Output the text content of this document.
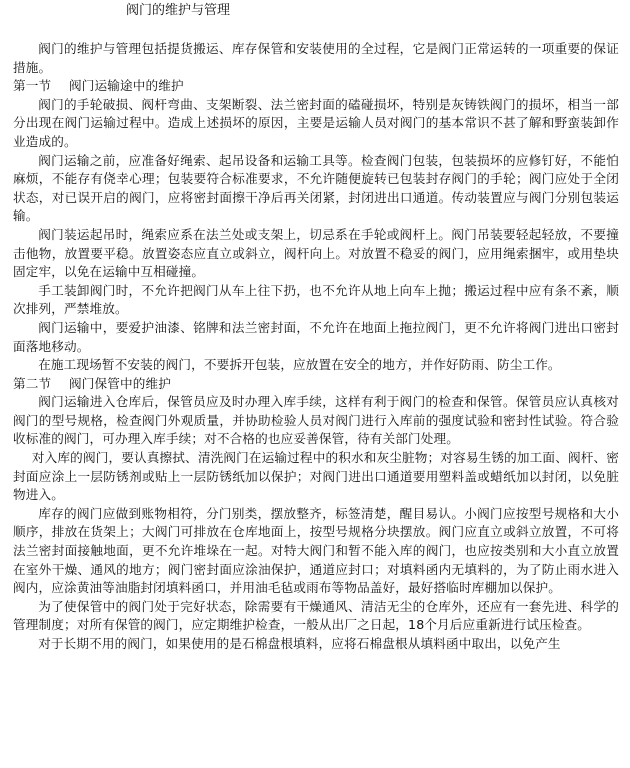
阀门的维护与管理

阀门的维护与管理包括提货搬运、库存保管和安装使用的全过程，它是阀门正常运转的一项重要的保证措施。

第一节 阀门运输途中的维护

阀门的手轮破损、阀杆弯曲、支架断裂、法兰密封面的磕碰损坏，特别是灰铸铁阀门的损坏，相当一部分出现在阀门运输过程中。造成上述损坏的原因，主要是运输人员对阀门的基本常识不甚了解和野蛮装卸作业造成的。

阀门运输之前，应准备好绳索、起吊设备和运输工具等。检查阀门包装，包装损坏的应修钉好，不能怕麻烦，不能存有侥幸心理；包装要符合标准要求，不允许随便旋转已包装封存阀门的手轮；阀门应处于全闭状态，对已误开启的阀门，应将密封面擦干净后再关闭紧，封闭进出口通道。传动装置应与阀门分别包装运输。

阀门装运起吊时，绳索应系在法兰处或支架上，切忌系在手轮或阀杆上。阀门吊装要轻起轻放，不要撞击他物，放置要平稳。放置姿态应直立或斜立，阀杆向上。对放置不稳妥的阀门，应用绳索捆牢，或用垫块固定牢，以免在运输中互相碰撞。

手工装卸阀门时，不允许把阀门从车上往下扔，也不允许从地上向车上抛；搬运过程中应有条不紊，顺次排列，严禁堆放。

阀门运输中，要爱护油漆、铭牌和法兰密封面，不允许在地面上拖拉阀门，更不允许将阀门进出口密封面落地移动。

在施工现场暂不安装的阀门，不要拆开包装，应放置在安全的地方，并作好防雨、防尘工作。

第二节 阀门保管中的维护

阀门运输进入仓库后，保管员应及时办理入库手续，这样有利于阀门的检查和保管。保管员应认真核对阀门的型号规格，检查阀门外观质量，并协助检验人员对阀门进行入库前的强度试验和密封性试验。符合验收标准的阀门，可办理入库手续；对不合格的也应妥善保管，待有关部门处理。

对入库的阀门，要认真擦拭、清洗阀门在运输过程中的积水和灰尘脏物；对容易生锈的加工面、阀杆、密封面应涂上一层防锈剂或贴上一层防锈纸加以保护；对阀门进出口通道要用塑料盖或蜡纸加以封闭，以免脏物进入。

库存的阀门应做到账物相符，分门别类，摆放整齐，标签清楚，醒目易认。小阀门应按型号规格和大小顺序，排放在货架上；大阀门可排放在仓库地面上，按型号规格分块摆放。阀门应直立或斜立放置，不可将法兰密封面接触地面，更不允许堆垛在一起。对特大阀门和暂不能入库的阀门，也应按类别和大小直立放置在室外干燥、通风的地方；阀门密封面应涂油保护，通道应封口；对填料函内无填料的，为了防止雨水进入阀内，应涂黄油等油脂封闭填料函口，并用油毛毡或雨布等物品盖好，最好搭临时库棚加以保护。

为了使保管中的阀门处于完好状态，除需要有干燥通风、清洁无尘的仓库外，还应有一套先进、科学的管理制度；对所有保管的阀门，应定期维护检查，一般从出厂之日起，18个月后应重新进行试压检查。

对于长期不用的阀门，如果使用的是石棉盘根填料，应将石棉盘根从填料函中取出，以免产生
